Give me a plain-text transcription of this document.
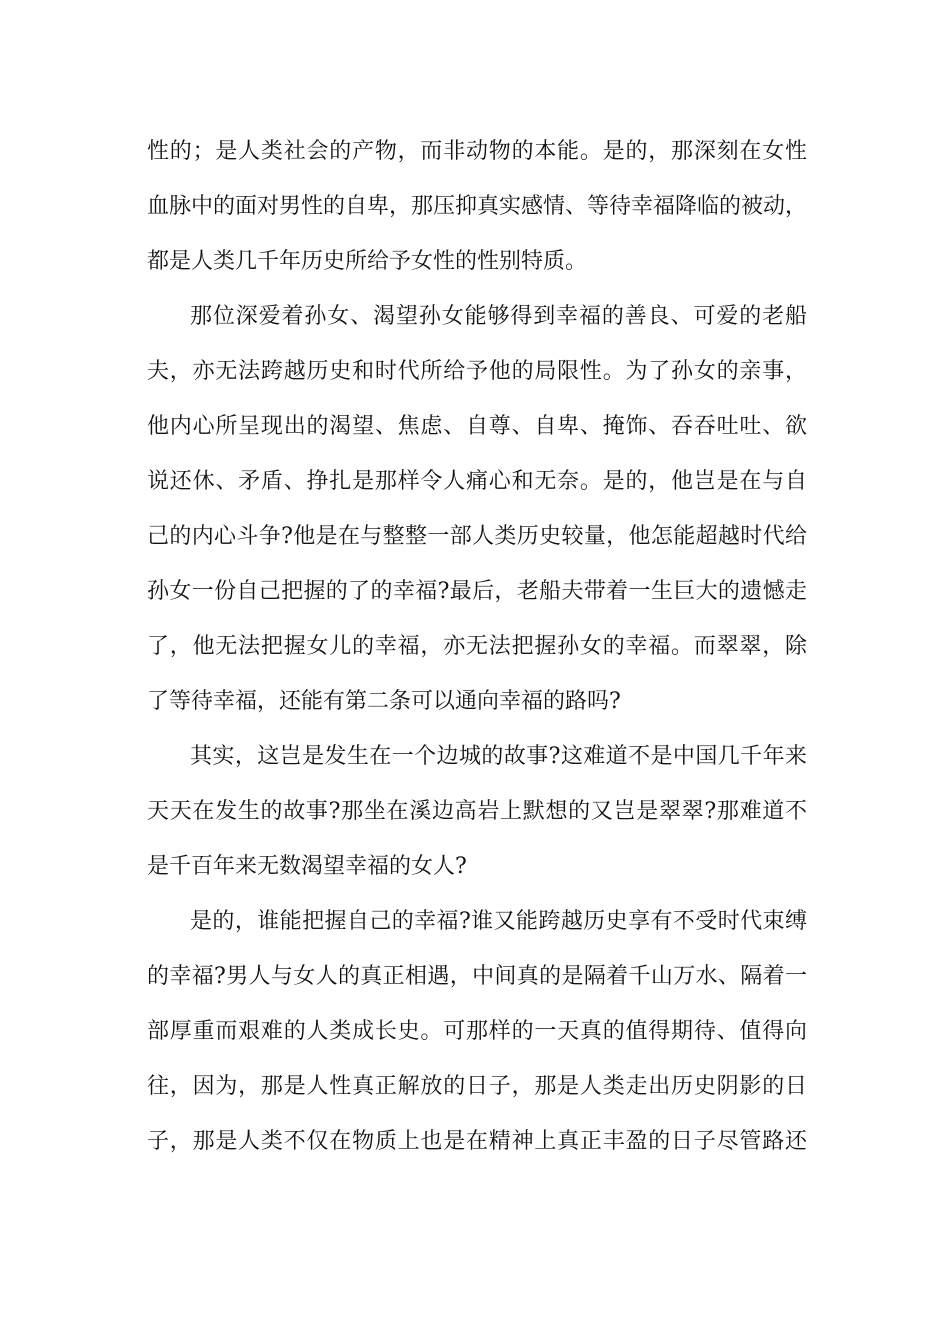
性的；是人类社会的产物，而非动物的本能。是的，那深刻在女性
血脉中的面对男性的自卑，那压抑真实感情、等待幸福降临的被动，
都是人类几千年历史所给予女性的性别特质。
那位深爱着孙女、渴望孙女能够得到幸福的善良、可爱的老船
夫，亦无法跨越历史和时代所给予他的局限性。为了孙女的亲事，
他内心所呈现出的渴望、焦虑、自尊、自卑、掩饰、吞吞吐吐、欲
说还休、矛盾、挣扎是那样令人痛心和无奈。是的，他岂是在与自
己的内心斗争?他是在与整整一部人类历史较量，他怎能超越时代给
孙女一份自己把握的了的幸福?最后，老船夫带着一生巨大的遗憾走
了，他无法把握女儿的幸福，亦无法把握孙女的幸福。而翠翠，除
了等待幸福，还能有第二条可以通向幸福的路吗?
其实，这岂是发生在一个边城的故事?这难道不是中国几千年来
天天在发生的故事?那坐在溪边高岩上默想的又岂是翠翠?那难道不
是千百年来无数渴望幸福的女人?
是的，谁能把握自己的幸福?谁又能跨越历史享有不受时代束缚
的幸福?男人与女人的真正相遇，中间真的是隔着千山万水、隔着一
部厚重而艰难的人类成长史。可那样的一天真的值得期待、值得向
往，因为，那是人性真正解放的日子，那是人类走出历史阴影的日
子，那是人类不仅在物质上也是在精神上真正丰盈的日子尽管路还
